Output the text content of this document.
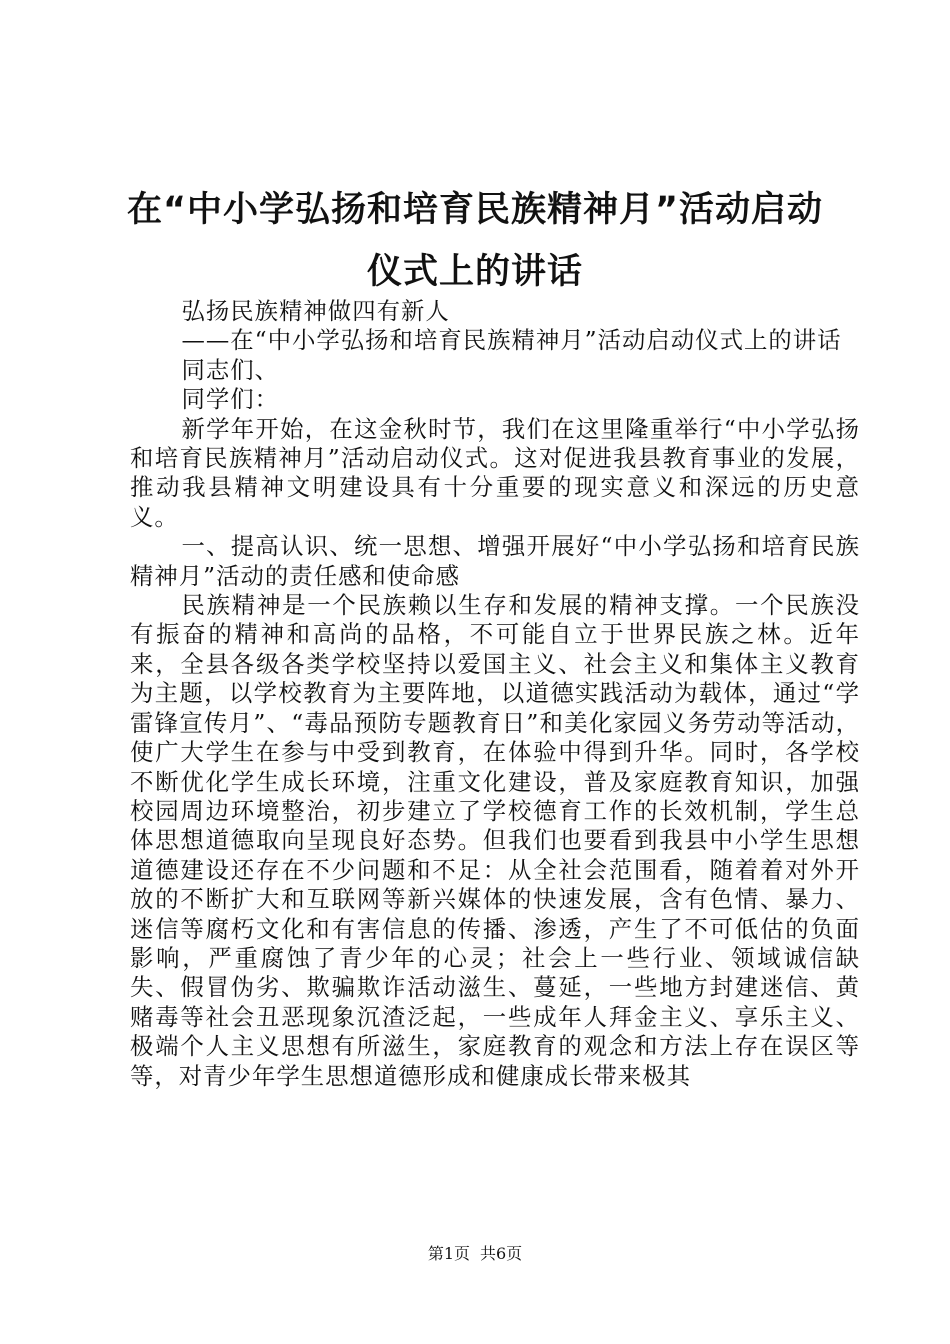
在“中小学弘扬和培育民族精神月”活动启动
仪式上的讲话

弘扬民族精神做四有新人

——在“中小学弘扬和培育民族精神月”活动启动仪式上的讲话

同志们、

同学们：

新学年开始，在这金秋时节，我们在这里隆重举行“中小学弘扬和培育民族精神月”活动启动仪式。这对促进我县教育事业的发展，推动我县精神文明建设具有十分重要的现实意义和深远的历史意义。

一、提高认识、统一思想、增强开展好“中小学弘扬和培育民族精神月”活动的责任感和使命感

民族精神是一个民族赖以生存和发展的精神支撑。一个民族没有振奋的精神和高尚的品格，不可能自立于世界民族之林。近年来，全县各级各类学校坚持以爱国主义、社会主义和集体主义教育为主题，以学校教育为主要阵地，以道德实践活动为载体，通过“学雷锋宣传月”、“毒品预防专题教育日”和美化家园义务劳动等活动，使广大学生在参与中受到教育，在体验中得到升华。同时，各学校不断优化学生成长环境，注重文化建设，普及家庭教育知识，加强校园周边环境整治，初步建立了学校德育工作的长效机制，学生总体思想道德取向呈现良好态势。但我们也要看到我县中小学生思想道德建设还存在不少问题和不足：从全社会范围看，随着着对外开放的不断扩大和互联网等新兴媒体的快速发展，含有色情、暴力、迷信等腐朽文化和有害信息的传播、渗透，产生了不可低估的负面影响，严重腐蚀了青少年的心灵；社会上一些行业、领域诚信缺失、假冒伪劣、欺骗欺诈活动滋生、蔓延，一些地方封建迷信、黄赌毒等社会丑恶现象沉渣泛起，一些成年人拜金主义、享乐主义、极端个人主义思想有所滋生，家庭教育的观念和方法上存在误区等等，对青少年学生思想道德形成和健康成长带来极其

第1页 共6页
